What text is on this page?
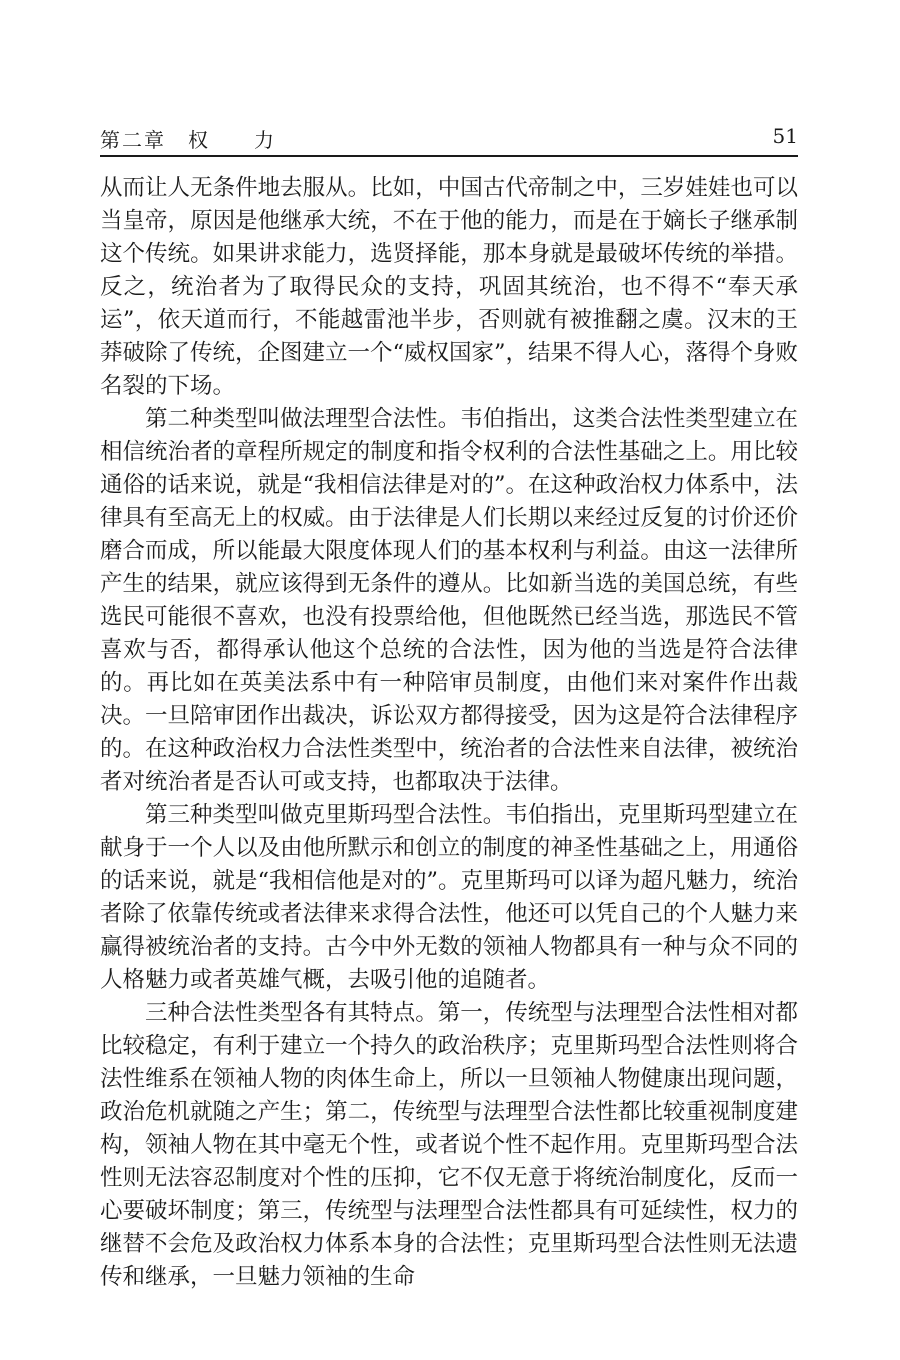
第二章　权　　力	51

从而让人无条件地去服从。比如，中国古代帝制之中，三岁娃娃也可以当皇帝，原因是他继承大统，不在于他的能力，而是在于嫡长子继承制这个传统。如果讲求能力，选贤择能，那本身就是最破坏传统的举措。反之，统治者为了取得民众的支持，巩固其统治，也不得不“奉天承运”，依天道而行，不能越雷池半步，否则就有被推翻之虞。汉末的王莽破除了传统，企图建立一个“威权国家”，结果不得人心，落得个身败名裂的下场。

第二种类型叫做法理型合法性。韦伯指出，这类合法性类型建立在相信统治者的章程所规定的制度和指令权利的合法性基础之上。用比较通俗的话来说，就是“我相信法律是对的”。在这种政治权力体系中，法律具有至高无上的权威。由于法律是人们长期以来经过反复的讨价还价磨合而成，所以能最大限度体现人们的基本权利与利益。由这一法律所产生的结果，就应该得到无条件的遵从。比如新当选的美国总统，有些选民可能很不喜欢，也没有投票给他，但他既然已经当选，那选民不管喜欢与否，都得承认他这个总统的合法性，因为他的当选是符合法律的。再比如在英美法系中有一种陪审员制度，由他们来对案件作出裁决。一旦陪审团作出裁决，诉讼双方都得接受，因为这是符合法律程序的。在这种政治权力合法性类型中，统治者的合法性来自法律，被统治者对统治者是否认可或支持，也都取决于法律。

第三种类型叫做克里斯玛型合法性。韦伯指出，克里斯玛型建立在献身于一个人以及由他所默示和创立的制度的神圣性基础之上，用通俗的话来说，就是“我相信他是对的”。克里斯玛可以译为超凡魅力，统治者除了依靠传统或者法律来求得合法性，他还可以凭自己的个人魅力来赢得被统治者的支持。古今中外无数的领袖人物都具有一种与众不同的人格魅力或者英雄气概，去吸引他的追随者。

三种合法性类型各有其特点。第一，传统型与法理型合法性相对都比较稳定，有利于建立一个持久的政治秩序；克里斯玛型合法性则将合法性维系在领袖人物的肉体生命上，所以一旦领袖人物健康出现问题，政治危机就随之产生；第二，传统型与法理型合法性都比较重视制度建构，领袖人物在其中毫无个性，或者说个性不起作用。克里斯玛型合法性则无法容忍制度对个性的压抑，它不仅无意于将统治制度化，反而一心要破坏制度；第三，传统型与法理型合法性都具有可延续性，权力的继替不会危及政治权力体系本身的合法性；克里斯玛型合法性则无法遗传和继承，一旦魅力领袖的生命
